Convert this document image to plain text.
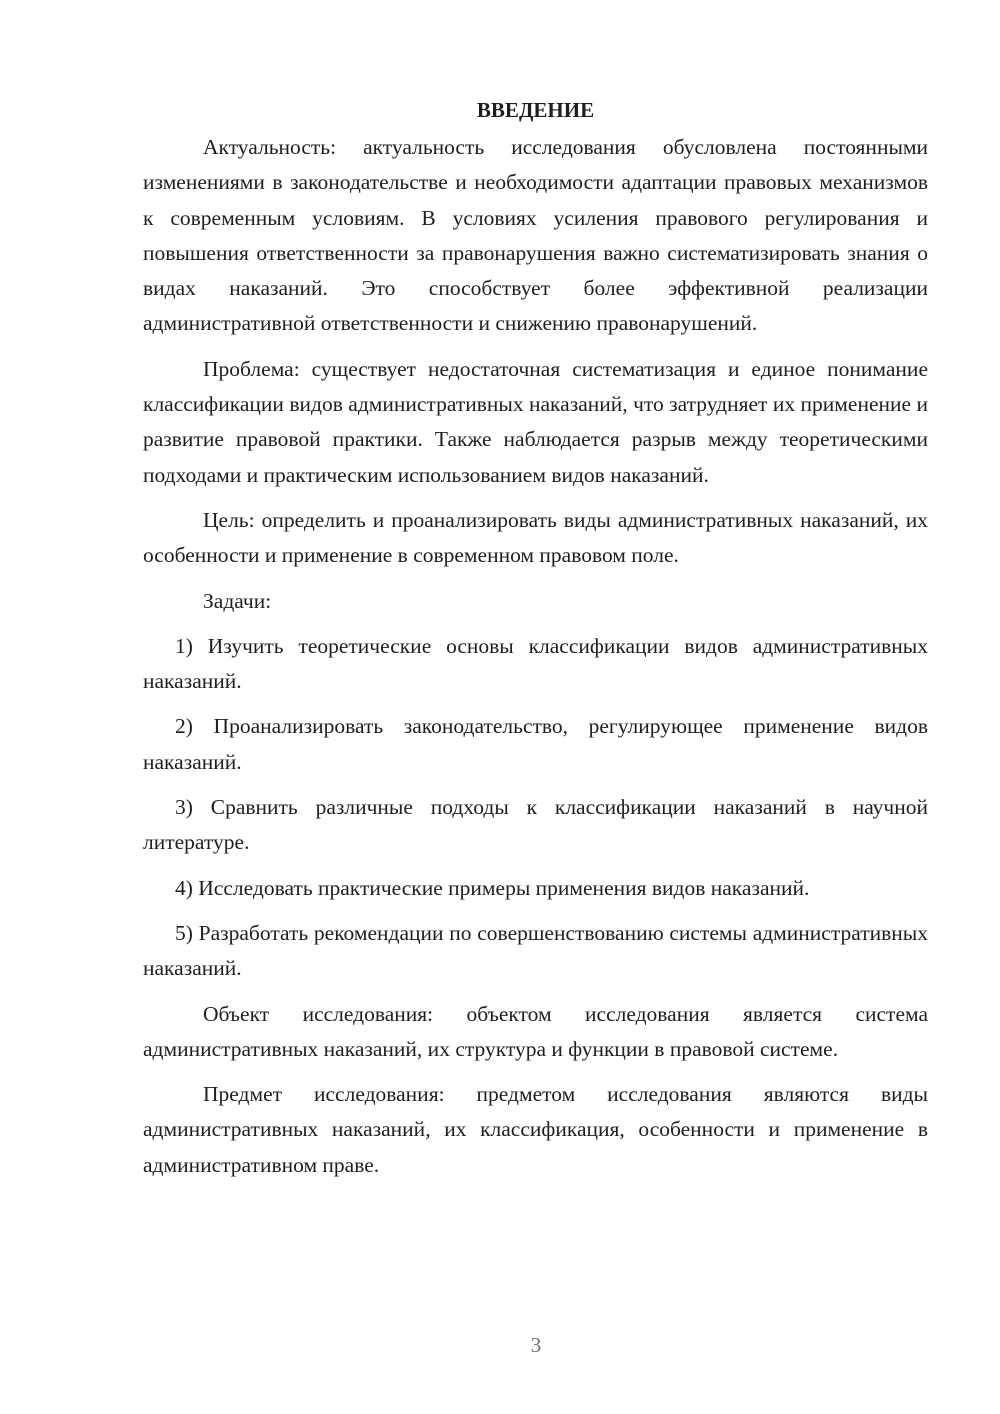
ВВЕДЕНИЕ

Актуальность: актуальность исследования обусловлена постоянными изменениями в законодательстве и необходимости адаптации правовых механизмов к современным условиям. В условиях усиления правового регулирования и повышения ответственности за правонарушения важно систематизировать знания о видах наказаний. Это способствует более эффективной реализации административной ответственности и снижению правонарушений.

Проблема: существует недостаточная систематизация и единое понимание классификации видов административных наказаний, что затрудняет их применение и развитие правовой практики. Также наблюдается разрыв между теоретическими подходами и практическим использованием видов наказаний.

Цель: определить и проанализировать виды административных наказаний, их особенности и применение в современном правовом поле.

Задачи:

1) Изучить теоретические основы классификации видов административных наказаний.

2) Проанализировать законодательство, регулирующее применение видов наказаний.

3) Сравнить различные подходы к классификации наказаний в научной литературе.

4) Исследовать практические примеры применения видов наказаний.

5) Разработать рекомендации по совершенствованию системы административных наказаний.

Объект исследования: объектом исследования является система административных наказаний, их структура и функции в правовой системе.

Предмет исследования: предметом исследования являются виды административных наказаний, их классификация, особенности и применение в административном праве.

3
